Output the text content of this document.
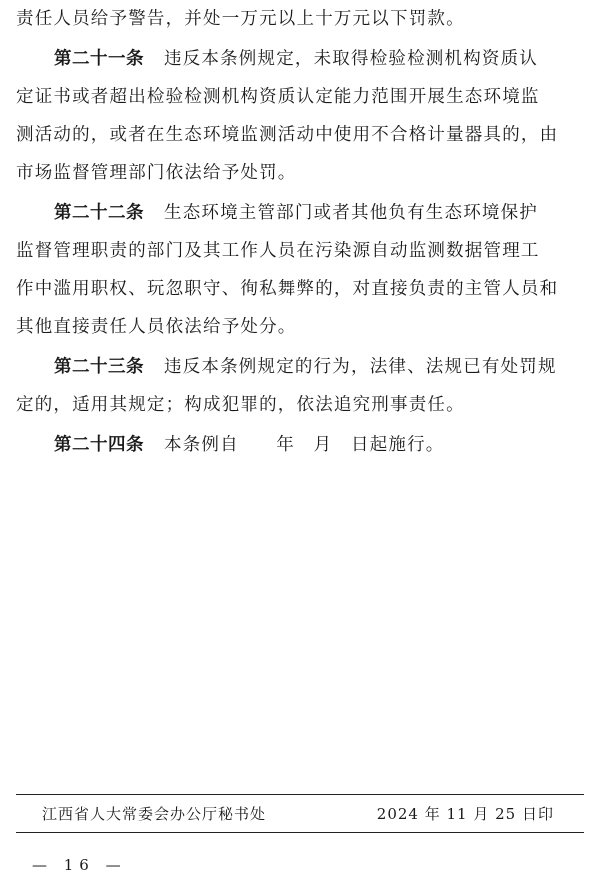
责任人员给予警告，并处一万元以上十万元以下罚款。
第二十一条 违反本条例规定，未取得检验检测机构资质认
定证书或者超出检验检测机构资质认定能力范围开展生态环境监
测活动的，或者在生态环境监测活动中使用不合格计量器具的，由
市场监督管理部门依法给予处罚。
第二十二条 生态环境主管部门或者其他负有生态环境保护
监督管理职责的部门及其工作人员在污染源自动监测数据管理工
作中滥用职权、玩忽职守、徇私舞弊的，对直接负责的主管人员和
其他直接责任人员依法给予处分。
第二十三条 违反本条例规定的行为，法律、法规已有处罚规
定的，适用其规定；构成犯罪的，依法追究刑事责任。
第二十四条 本条例自　　年　月　日起施行。
江西省人大常委会办公厅秘书处	2024 年 11 月 25 日印
— 16 —
